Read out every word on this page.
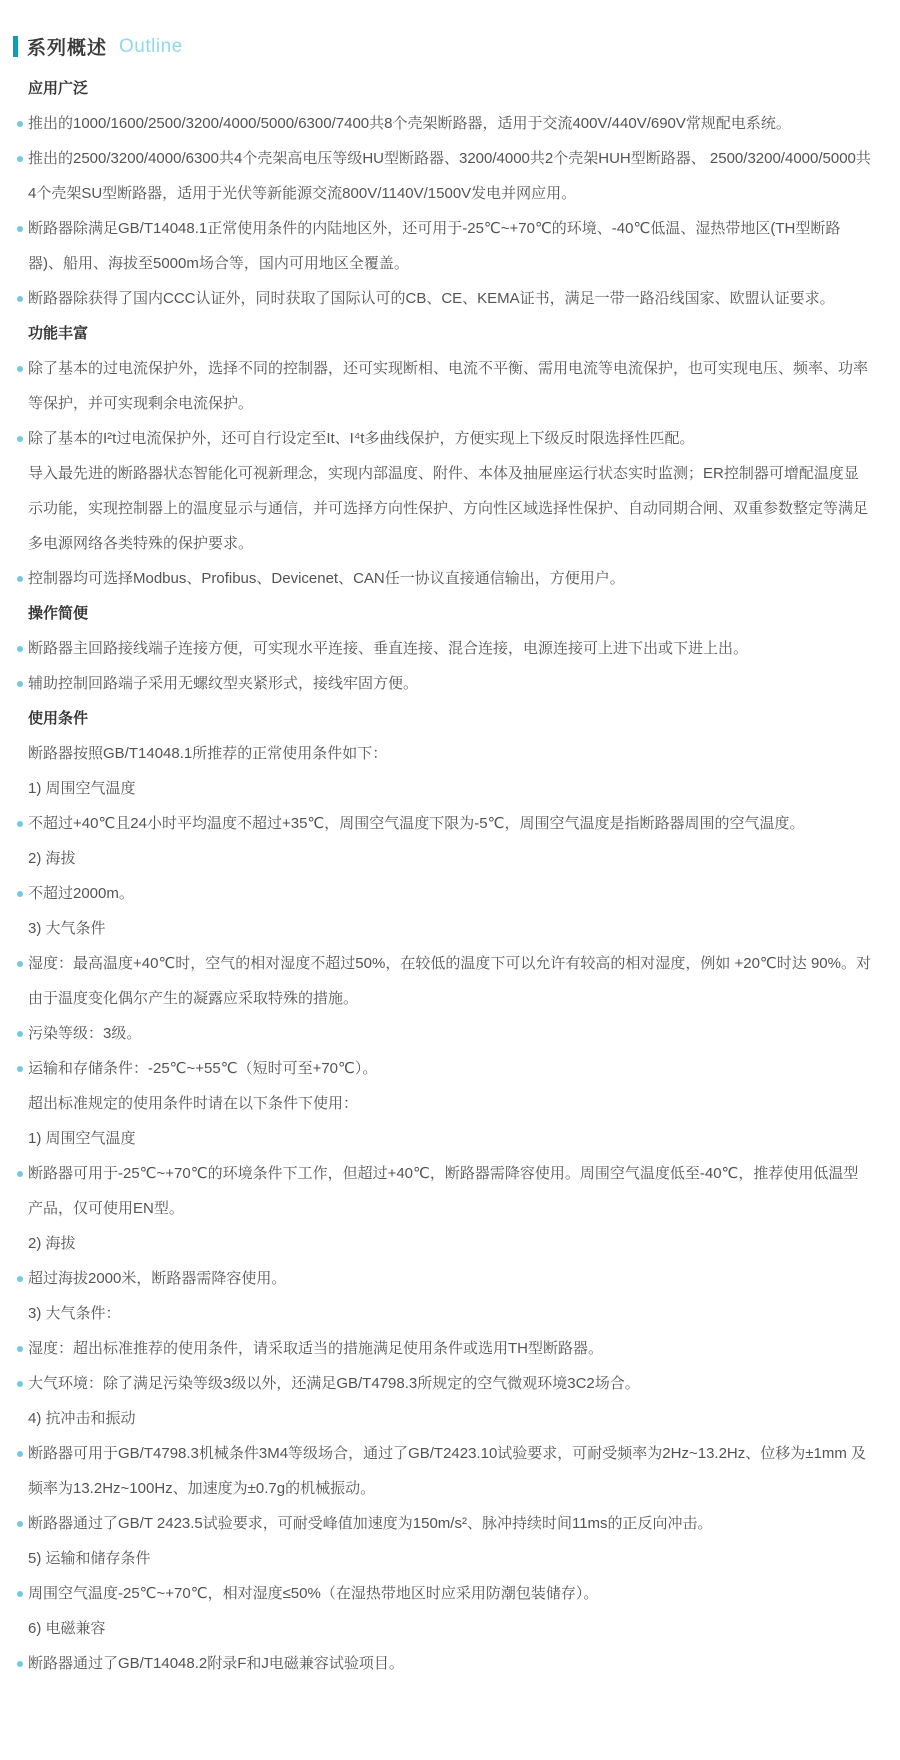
系列概述 Outline

应用广泛

推出的1000/1600/2500/3200/4000/5000/6300/7400共8个壳架断路器，适用于交流400V/440V/690V常规配电系统。

推出的2500/3200/4000/6300共4个壳架高电压等级HU型断路器、3200/4000共2个壳架HUH型断路器、 2500/3200/4000/5000共4个壳架SU型断路器，适用于光伏等新能源交流800V/1140V/1500V发电并网应用。

断路器除满足GB/T14048.1正常使用条件的内陆地区外，还可用于-25℃~+70℃的环境、-40℃低温、湿热带地区(TH型断路器)、船用、海拔至5000m场合等，国内可用地区全覆盖。

断路器除获得了国内CCC认证外，同时获取了国际认可的CB、CE、KEMA证书，满足一带一路沿线国家、欧盟认证要求。

功能丰富

除了基本的过电流保护外，选择不同的控制器，还可实现断相、电流不平衡、需用电流等电流保护，也可实现电压、频率、功率等保护，并可实现剩余电流保护。

除了基本的I²t过电流保护外，还可自行设定至It、I⁴t多曲线保护，方便实现上下级反时限选择性匹配。

导入最先进的断路器状态智能化可视新理念，实现内部温度、附件、本体及抽屉座运行状态实时监测；ER控制器可增配温度显示功能，实现控制器上的温度显示与通信，并可选择方向性保护、方向性区域选择性保护、自动同期合闸、双重参数整定等满足多电源网络各类特殊的保护要求。

控制器均可选择Modbus、Profibus、Devicenet、CAN任一协议直接通信输出，方便用户。

操作简便

断路器主回路接线端子连接方便，可实现水平连接、垂直连接、混合连接，电源连接可上进下出或下进上出。

辅助控制回路端子采用无螺纹型夹紧形式，接线牢固方便。

使用条件

断路器按照GB/T14048.1所推荐的正常使用条件如下：

1) 周围空气温度

不超过+40℃且24小时平均温度不超过+35℃，周围空气温度下限为-5℃，周围空气温度是指断路器周围的空气温度。

2) 海拔

不超过2000m。

3) 大气条件

湿度：最高温度+40℃时，空气的相对湿度不超过50%，在较低的温度下可以允许有较高的相对湿度，例如 +20℃时达 90%。对由于温度变化偶尔产生的凝露应采取特殊的措施。

污染等级：3级。

运输和存储条件：-25℃~+55℃（短时可至+70℃）。

超出标准规定的使用条件时请在以下条件下使用：

1) 周围空气温度

断路器可用于-25℃~+70℃的环境条件下工作，但超过+40℃，断路器需降容使用。周围空气温度低至-40℃，推荐使用低温型产品，仅可使用EN型。

2) 海拔

超过海拔2000米，断路器需降容使用。

3) 大气条件：

湿度：超出标准推荐的使用条件，请采取适当的措施满足使用条件或选用TH型断路器。

大气环境：除了满足污染等级3级以外，还满足GB/T4798.3所规定的空气微观环境3C2场合。

4) 抗冲击和振动

断路器可用于GB/T4798.3机械条件3M4等级场合，通过了GB/T2423.10试验要求，可耐受频率为2Hz~13.2Hz、位移为±1mm 及频率为13.2Hz~100Hz、加速度为±0.7g的机械振动。

断路器通过了GB/T 2423.5试验要求，可耐受峰值加速度为150m/s²、脉冲持续时间11ms的正反向冲击。

5) 运输和储存条件

周围空气温度-25℃~+70℃，相对湿度≤50%（在湿热带地区时应采用防潮包装储存）。

6) 电磁兼容

断路器通过了GB/T14048.2附录F和J电磁兼容试验项目。
